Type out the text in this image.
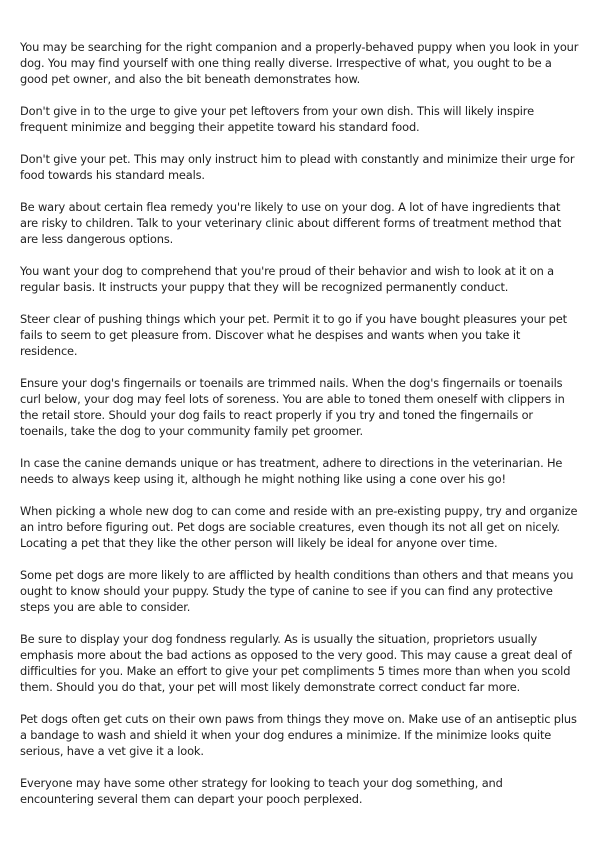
You may be searching for the right companion and a properly-behaved puppy when you look in your dog. You may find yourself with one thing really diverse. Irrespective of what, you ought to be a good pet owner, and also the bit beneath demonstrates how.

Don't give in to the urge to give your pet leftovers from your own dish. This will likely inspire frequent minimize and begging their appetite toward his standard food.

Don't give your pet. This may only instruct him to plead with constantly and minimize their urge for food towards his standard meals.

Be wary about certain flea remedy you're likely to use on your dog. A lot of have ingredients that are risky to children. Talk to your veterinary clinic about different forms of treatment method that are less dangerous options.

You want your dog to comprehend that you're proud of their behavior and wish to look at it on a regular basis. It instructs your puppy that they will be recognized permanently conduct.

Steer clear of pushing things which your pet. Permit it to go if you have bought pleasures your pet fails to seem to get pleasure from. Discover what he despises and wants when you take it residence.

Ensure your dog's fingernails or toenails are trimmed nails. When the dog's fingernails or toenails curl below, your dog may feel lots of soreness. You are able to toned them oneself with clippers in the retail store. Should your dog fails to react properly if you try and toned the fingernails or toenails, take the dog to your community family pet groomer.

In case the canine demands unique or has treatment, adhere to directions in the veterinarian. He needs to always keep using it, although he might nothing like using a cone over his go!

When picking a whole new dog to can come and reside with an pre-existing puppy, try and organize an intro before figuring out. Pet dogs are sociable creatures, even though its not all get on nicely. Locating a pet that they like the other person will likely be ideal for anyone over time.

Some pet dogs are more likely to are afflicted by health conditions than others and that means you ought to know should your puppy. Study the type of canine to see if you can find any protective steps you are able to consider.

Be sure to display your dog fondness regularly. As is usually the situation, proprietors usually emphasis more about the bad actions as opposed to the very good. This may cause a great deal of difficulties for you. Make an effort to give your pet compliments 5 times more than when you scold them. Should you do that, your pet will most likely demonstrate correct conduct far more.

Pet dogs often get cuts on their own paws from things they move on. Make use of an antiseptic plus a bandage to wash and shield it when your dog endures a minimize. If the minimize looks quite serious, have a vet give it a look.

Everyone may have some other strategy for looking to teach your dog something, and encountering several them can depart your pooch perplexed.
